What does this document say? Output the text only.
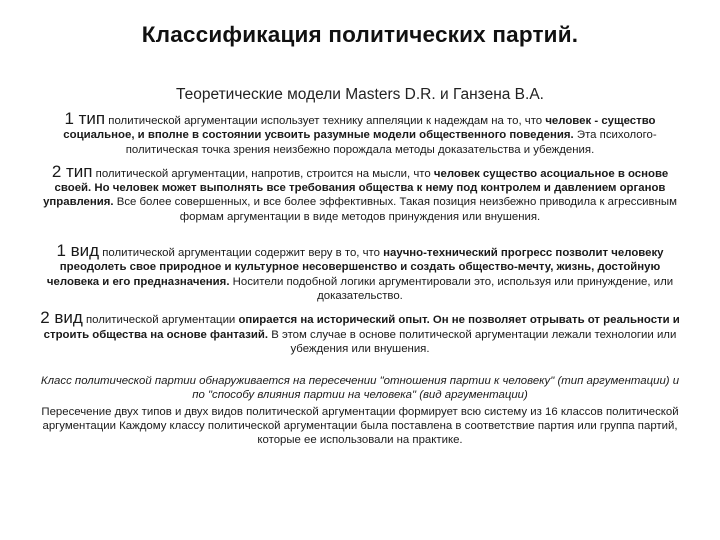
Классификация политических партий.
Теоретические модели Masters D.R. и Ганзена В.А.

1 тип политической аргументации использует технику аппеляции к надеждам на то, что человек - существо социальное, и вполне в состоянии усвоить разумные модели общественного поведения. Эта психолого-политическая точка зрения неизбежно порождала методы доказательства и убеждения.

2 тип политической аргументации, напротив, строится на мысли, что человек существо асоциальное в основе своей. Но человек может выполнять все требования общества к нему под контролем и давлением органов управления. Все более совершенных, и все более эффективных. Такая позиция неизбежно приводила к агрессивным формам аргументации в виде методов принуждения или внушения.

1 вид политической аргументации содержит веру в то, что научно-технический прогресс позволит человеку преодолеть свое природное и культурное несовершенство и создать общество-мечту, жизнь, достойную человека и его предназначения. Носители подобной логики аргументировали это, используя или принуждение, или доказательство.

2 вид политической аргументации опирается на исторический опыт. Он не позволяет отрывать от реальности и строить общества на основе фантазий. В этом случае в основе политической аргументации лежали технологии или убеждения или внушения.

Класс политической партии обнаруживается на пересечении "отношения партии к человеку" (тип аргументации) и по "способу влияния партии на человека" (вид аргументации)

Пересечение двух типов и двух видов политической аргументации формирует всю систему из 16 классов политической аргументации Каждому классу политической аргументации была поставлена в соответствие партия или группа партий, которые ее использовали на практике.
